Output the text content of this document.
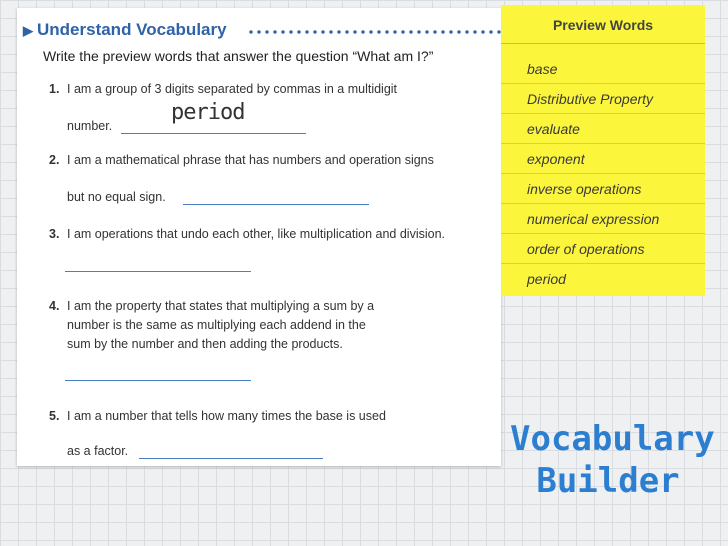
▶ Understand Vocabulary
Write the preview words that answer the question “What am I?”
1. I am a group of 3 digits separated by commas in a multidigit
number.
period
2. I am a mathematical phrase that has numbers and operation signs
but no equal sign.
3. I am operations that undo each other, like multiplication and division.
4. I am the property that states that multiplying a sum by a
number is the same as multiplying each addend in the
sum by the number and then adding the products.
5. I am a number that tells how many times the base is used
as a factor.
Preview Words
base
Distributive Property
evaluate
exponent
inverse operations
numerical expression
order of operations
period
Vocabulary
Builder
